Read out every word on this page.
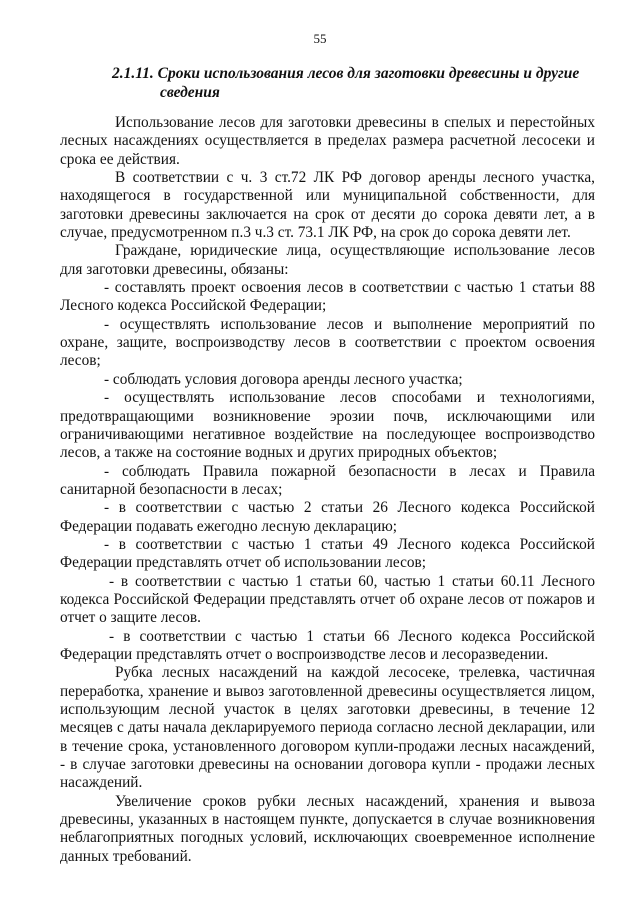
55
2.1.11. Сроки использования лесов для заготовки древесины и другие
сведения

Использование лесов для заготовки древесины в спелых и перестойных лесных насаждениях осуществляется в пределах размера расчетной лесосеки и срока ее действия.

В соответствии с ч. 3 ст.72 ЛК РФ договор аренды лесного участка, находящегося в государственной или муниципальной собственности, для заготовки древесины заключается на срок от десяти до сорока девяти лет, а в случае, предусмотренном п.3 ч.3 ст. 73.1 ЛК РФ, на срок до сорока девяти лет.

Граждане, юридические лица, осуществляющие использование лесов для заготовки древесины, обязаны:

- составлять проект освоения лесов в соответствии с частью 1 статьи 88 Лесного кодекса Российской Федерации;

- осуществлять использование лесов и выполнение мероприятий по охране, защите, воспроизводству лесов в соответствии с проектом освоения лесов;

- соблюдать условия договора аренды лесного участка;

- осуществлять использование лесов способами и технологиями, предотвращающими возникновение эрозии почв, исключающими или ограничивающими негативное воздействие на последующее воспроизводство лесов, а также на состояние водных и других природных объектов;

- соблюдать Правила пожарной безопасности в лесах и Правила санитарной безопасности в лесах;

- в соответствии с частью 2 статьи 26 Лесного кодекса Российской Федерации подавать ежегодно лесную декларацию;

- в соответствии с частью 1 статьи 49 Лесного кодекса Российской Федерации представлять отчет об использовании лесов;

- в соответствии с частью 1 статьи 60, частью 1 статьи 60.11 Лесного кодекса Российской Федерации представлять отчет об охране лесов от пожаров и отчет о защите лесов.

- в соответствии с частью 1 статьи 66 Лесного кодекса Российской Федерации представлять отчет о воспроизводстве лесов и лесоразведении.

Рубка лесных насаждений на каждой лесосеке, трелевка, частичная переработка, хранение и вывоз заготовленной древесины осуществляется лицом, использующим лесной участок в целях заготовки древесины, в течение 12 месяцев с даты начала декларируемого периода согласно лесной декларации, или в течение срока, установленного договором купли-продажи лесных насаждений, - в случае заготовки древесины на основании договора купли - продажи лесных насаждений.

Увеличение сроков рубки лесных насаждений, хранения и вывоза древесины, указанных в настоящем пункте, допускается в случае возникновения неблагоприятных погодных условий, исключающих своевременное исполнение данных требований.
